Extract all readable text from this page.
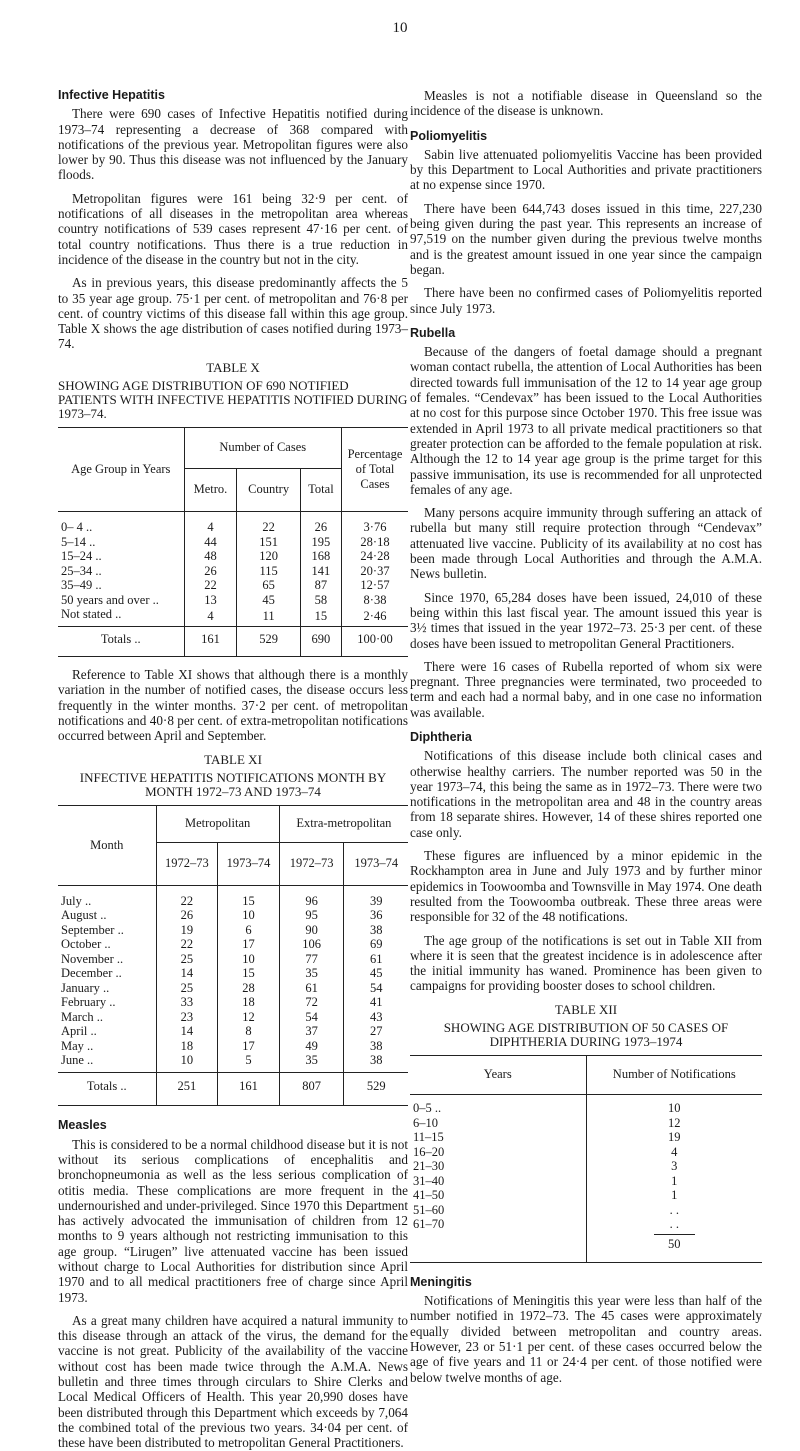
10
Infective Hepatitis

There were 690 cases of Infective Hepatitis notified during 1973–74 representing a decrease of 368 compared with notifications of the previous year. Metropolitan figures were also lower by 90. Thus this disease was not influenced by the January floods.

Metropolitan figures were 161 being 32·9 per cent. of notifications of all diseases in the metropolitan area whereas country notifications of 539 cases represent 47·16 per cent. of total country notifications. Thus there is a true reduction in incidence of the disease in the country but not in the city.

As in previous years, this disease predominantly affects the 5 to 35 year age group. 75·1 per cent. of metropolitan and 76·8 per cent. of country victims of this disease fall within this age group. Table X shows the age distribution of cases notified during 1973–74.

TABLE X
SHOWING AGE DISTRIBUTION OF 690 NOTIFIED PATIENTS WITH INFECTIVE HEPATITIS NOTIFIED DURING 1973–74.
Age Group in Years	Number of Cases			Percentage of Total Cases
	Metro.	Country	Total	
0– 4 ..	4	22	26	3·76
5–14 ..	44	151	195	28·18
15–24 ..	48	120	168	24·28
25–34 ..	26	115	141	20·37
35–49 ..	22	65	87	12·57
50 years and over ..	13	45	58	8·38
Not stated ..	4	11	15	2·46
Totals ..	161	529	690	100·00

Reference to Table XI shows that although there is a monthly variation in the number of notified cases, the disease occurs less frequently in the winter months. 37·2 per cent. of metropolitan notifications and 40·8 per cent. of extra-metropolitan notifications occurred between April and September.

TABLE XI
INFECTIVE HEPATITIS NOTIFICATIONS MONTH BY MONTH 1972–73 AND 1973–74
Month	Metropolitan		Extra-metropolitan	
	1972–73	1973–74	1972–73	1973–74
July ..	22	15	96	39
August ..	26	10	95	36
September ..	19	6	90	38
October ..	22	17	106	69
November ..	25	10	77	61
December ..	14	15	35	45
January ..	25	28	61	54
February ..	33	18	72	41
March ..	23	12	54	43
April ..	14	8	37	27
May ..	18	17	49	38
June ..	10	5	35	38
Totals ..	251	161	807	529
Measles

This is considered to be a normal childhood disease but it is not without its serious complications of encephalitis and bronchopneumonia as well as the less serious complication of otitis media. These complications are more frequent in the undernourished and under-privileged. Since 1970 this Department has actively advocated the immunisation of children from 12 months to 9 years although not restricting immunisation to this age group. “Lirugen” live attenuated vaccine has been issued without charge to Local Authorities for distribution since April 1970 and to all medical practitioners free of charge since April 1973.

As a great many children have acquired a natural immunity to this disease through an attack of the virus, the demand for the vaccine is not great. Publicity of the availability of the vaccine without cost has been made twice through the A.M.A. News bulletin and three times through circulars to Shire Clerks and Local Medical Officers of Health. This year 20,990 doses have been distributed through this Department which exceeds by 7,064 the combined total of the previous two years. 34·04 per cent. of these have been distributed to metropolitan General Practitioners.

Measles is not a notifiable disease in Queensland so the incidence of the disease is unknown.

Poliomyelitis

Sabin live attenuated poliomyelitis Vaccine has been provided by this Department to Local Authorities and private practitioners at no expense since 1970.

There have been 644,743 doses issued in this time, 227,230 being given during the past year. This represents an increase of 97,519 on the number given during the previous twelve months and is the greatest amount issued in one year since the campaign began.

There have been no confirmed cases of Poliomyelitis reported since July 1973.

Rubella

Because of the dangers of foetal damage should a pregnant woman contact rubella, the attention of Local Authorities has been directed towards full immunisation of the 12 to 14 year age group of females. “Cendevax” has been issued to the Local Authorities at no cost for this purpose since October 1970. This free issue was extended in April 1973 to all private medical practitioners so that greater protection can be afforded to the female population at risk. Although the 12 to 14 year age group is the prime target for this passive immunisation, its use is recommended for all unprotected females of any age.

Many persons acquire immunity through suffering an attack of rubella but many still require protection through “Cendevax” attenuated live vaccine. Publicity of its availability at no cost has been made through Local Authorities and through the A.M.A. News bulletin.

Since 1970, 65,284 doses have been issued, 24,010 of these being within this last fiscal year. The amount issued this year is 3½ times that issued in the year 1972–73. 25·3 per cent. of these doses have been issued to metropolitan General Practitioners.

There were 16 cases of Rubella reported of whom six were pregnant. Three pregnancies were terminated, two proceeded to term and each had a normal baby, and in one case no information was available.

Diphtheria

Notifications of this disease include both clinical cases and otherwise healthy carriers. The number reported was 50 in the year 1973–74, this being the same as in 1972–73. There were two notifications in the metropolitan area and 48 in the country areas from 18 separate shires. However, 14 of these shires reported one case only.

These figures are influenced by a minor epidemic in the Rockhampton area in June and July 1973 and by further minor epidemics in Toowoomba and Townsville in May 1974. One death resulted from the Toowoomba outbreak. These three areas were responsible for 32 of the 48 notifications.

The age group of the notifications is set out in Table XII from where it is seen that the greatest incidence is in adolescence after the initial immunity has waned. Prominence has been given to campaigns for providing booster doses to school children.

TABLE XII
SHOWING AGE DISTRIBUTION OF 50 CASES OF DIPHTHERIA DURING 1973–1974
Years	Number of Notifications
0–5 ..	10
6–10	12
11–15	19
16–20	4
21–30	3
31–40	1
41–50	1
51–60	. .
61–70	. .
	50
Meningitis

Notifications of Meningitis this year were less than half of the number notified in 1972–73. The 45 cases were approximately equally divided between metropolitan and country areas. However, 23 or 51·1 per cent. of these cases occurred below the age of five years and 11 or 24·4 per cent. of those notified were below twelve months of age.
